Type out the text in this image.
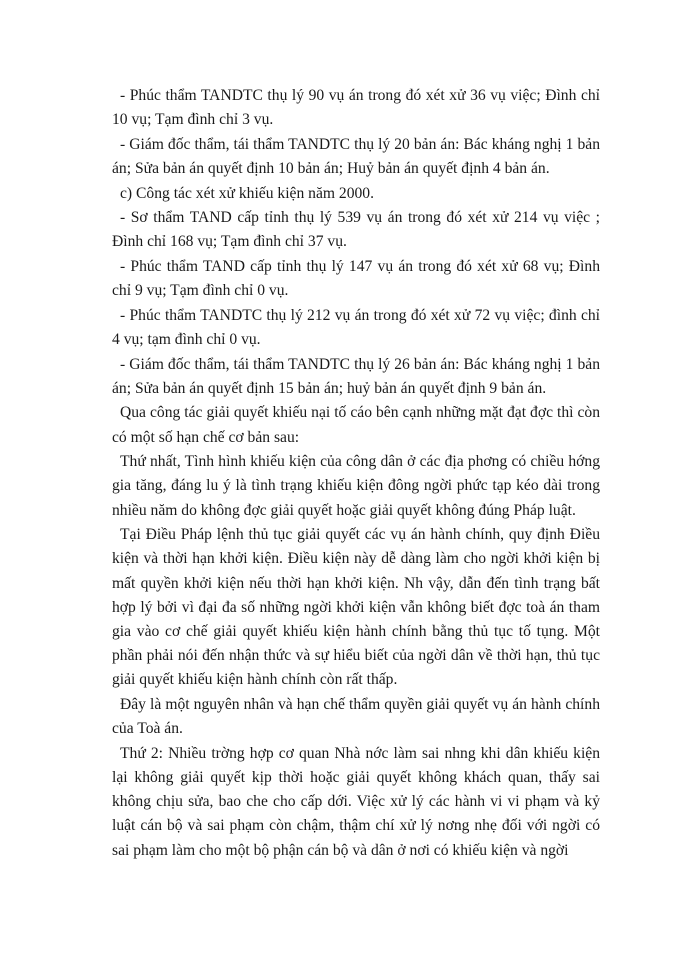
- Phúc thẩm TANDTC thụ lý 90 vụ án trong đó xét xử 36 vụ việc; Đình chỉ 10 vụ; Tạm đình chỉ 3 vụ.

- Giám đốc thẩm, tái thẩm TANDTC thụ lý 20 bản án: Bác kháng nghị 1 bản án; Sửa bản án quyết định 10 bản án; Huỷ bản án quyết định 4 bản án.

c) Công tác xét xử khiếu kiện năm 2000.

- Sơ thẩm TAND cấp tỉnh thụ lý 539 vụ án trong đó xét xử 214 vụ việc ; Đình chỉ 168 vụ; Tạm đình chỉ 37 vụ.

- Phúc thẩm TAND cấp tỉnh thụ lý 147 vụ án trong đó xét xử 68 vụ; Đình chỉ 9 vụ; Tạm đình chỉ 0 vụ.

- Phúc thẩm TANDTC thụ lý 212 vụ án trong đó xét xử 72 vụ việc; đình chỉ 4 vụ; tạm đình chỉ 0 vụ.

- Giám đốc thẩm, tái thẩm TANDTC thụ lý 26 bản án: Bác kháng nghị 1 bản án; Sửa bản án quyết định 15 bản án; huỷ bản án quyết định 9 bản án.

Qua công tác giải quyết khiếu nại tố cáo bên cạnh những mặt đạt đợc thì còn có một số hạn chế cơ bản sau:

Thứ nhất, Tình hình khiếu kiện của công dân ở các địa phơng có chiều hớng gia tăng, đáng lu ý là tình trạng khiếu kiện đông ngời phức tạp kéo dài trong nhiều năm do không đợc giải quyết hoặc giải quyết không đúng Pháp luật.

Tại Điều Pháp lệnh thủ tục giải quyết các vụ án hành chính, quy định Điều kiện và thời hạn khởi kiện. Điều kiện này dễ dàng làm cho ngời khởi kiện bị mất quyền khởi kiện nếu thời hạn khởi kiện. Nh vậy, dẫn đến tình trạng bất hợp lý bởi vì đại đa số những ngời khởi kiện vẫn không biết đợc toà án tham gia vào cơ chế giải quyết khiếu kiện hành chính bằng thủ tục tố tụng. Một phần phải nói đến nhận thức và sự hiểu biết của ngời dân về thời hạn, thủ tục giải quyết khiếu kiện hành chính còn rất thấp.

Đây là một nguyên nhân và hạn chế thẩm quyền giải quyết vụ án hành chính của Toà án.

Thứ 2: Nhiều trờng hợp cơ quan Nhà nớc làm sai nhng khi dân khiếu kiện lại không giải quyết kịp thời hoặc giải quyết không khách quan, thấy sai không chịu sửa, bao che cho cấp dới. Việc xử lý các hành vi vi phạm và kỷ luật cán bộ và sai phạm còn chậm, thậm chí xử lý nơng nhẹ đối với ngời có sai phạm làm cho một bộ phận cán bộ và dân ở nơi có khiếu kiện và ngời
